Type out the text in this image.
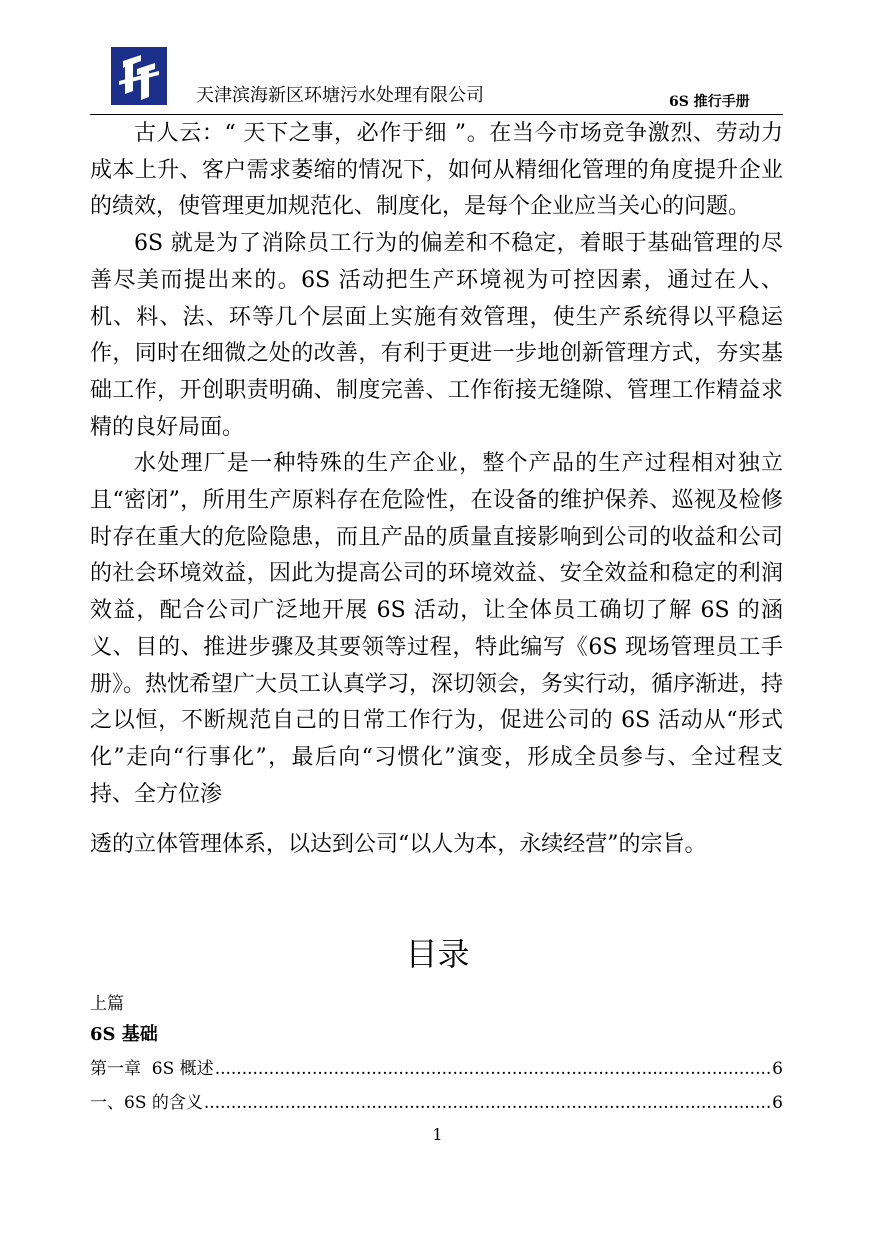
天津滨海新区环塘污水处理有限公司	6S 推行手册

古人云：“ 天下之事，必作于细 ”。在当今市场竞争激烈、劳动力成本上升、客户需求萎缩的情况下，如何从精细化管理的角度提升企业的绩效，使管理更加规范化、制度化，是每个企业应当关心的问题。

6S 就是为了消除员工行为的偏差和不稳定，着眼于基础管理的尽善尽美而提出来的。6S 活动把生产环境视为可控因素，通过在人、机、料、法、环等几个层面上实施有效管理，使生产系统得以平稳运作，同时在细微之处的改善，有利于更进一步地创新管理方式，夯实基础工作，开创职责明确、制度完善、工作衔接无缝隙、管理工作精益求精的良好局面。

水处理厂是一种特殊的生产企业，整个产品的生产过程相对独立且“密闭”，所用生产原料存在危险性，在设备的维护保养、巡视及检修时存在重大的危险隐患，而且产品的质量直接影响到公司的收益和公司的社会环境效益，因此为提高公司的环境效益、安全效益和稳定的利润效益，配合公司广泛地开展 6S 活动，让全体员工确切了解 6S 的涵义、目的、推进步骤及其要领等过程，特此编写《6S 现场管理员工手册》。热忱希望广大员工认真学习，深切领会，务实行动，循序渐进，持之以恒，不断规范自己的日常工作行为，促进公司的 6S 活动从“形式化”走向“行事化”，最后向“习惯化”演变，形成全员参与、全过程支持、全方位渗

透的立体管理体系，以达到公司“以人为本，永续经营”的宗旨。

目录
上篇
6S 基础
第一章  6S 概述 .....	6
一、6S 的含义 .....	6
1
